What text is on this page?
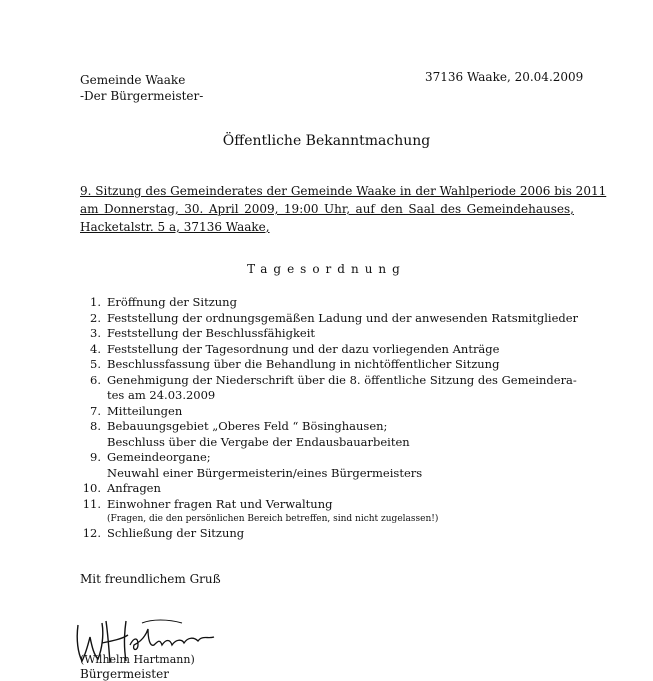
Gemeinde Waake
-Der Bürgermeister-
37136 Waake, 20.04.2009
Öffentliche Bekanntmachung
9. Sitzung des Gemeinderates der Gemeinde Waake in der Wahlperiode 2006 bis 2011
am Donnerstag, 30. April 2009, 19:00 Uhr, auf den Saal des Gemeindehauses,
Hacketalstr. 5 a, 37136 Waake,
Tagesordnung
1. Eröffnung der Sitzung
2. Feststellung der ordnungsgemäßen Ladung und der anwesenden Ratsmitglieder
3. Feststellung der Beschlussfähigkeit
4. Feststellung der Tagesordnung und der dazu vorliegenden Anträge
5. Beschlussfassung über die Behandlung in nichtöffentlicher Sitzung
6. Genehmigung der Niederschrift über die 8. öffentliche Sitzung des Gemeindera-
tes am 24.03.2009
7. Mitteilungen
8. Bebauungsgebiet „Oberes Feld “ Bösinghausen;
Beschluss über die Vergabe der Endausbauarbeiten
9. Gemeindeorgane;
Neuwahl einer Bürgermeisterin/eines Bürgermeisters
10. Anfragen
11. Einwohner fragen Rat und Verwaltung
(Fragen, die den persönlichen Bereich betreffen, sind nicht zugelassen!)
12. Schließung der Sitzung
Mit freundlichem Gruß
(Wilhelm Hartmann)
Bürgermeister
